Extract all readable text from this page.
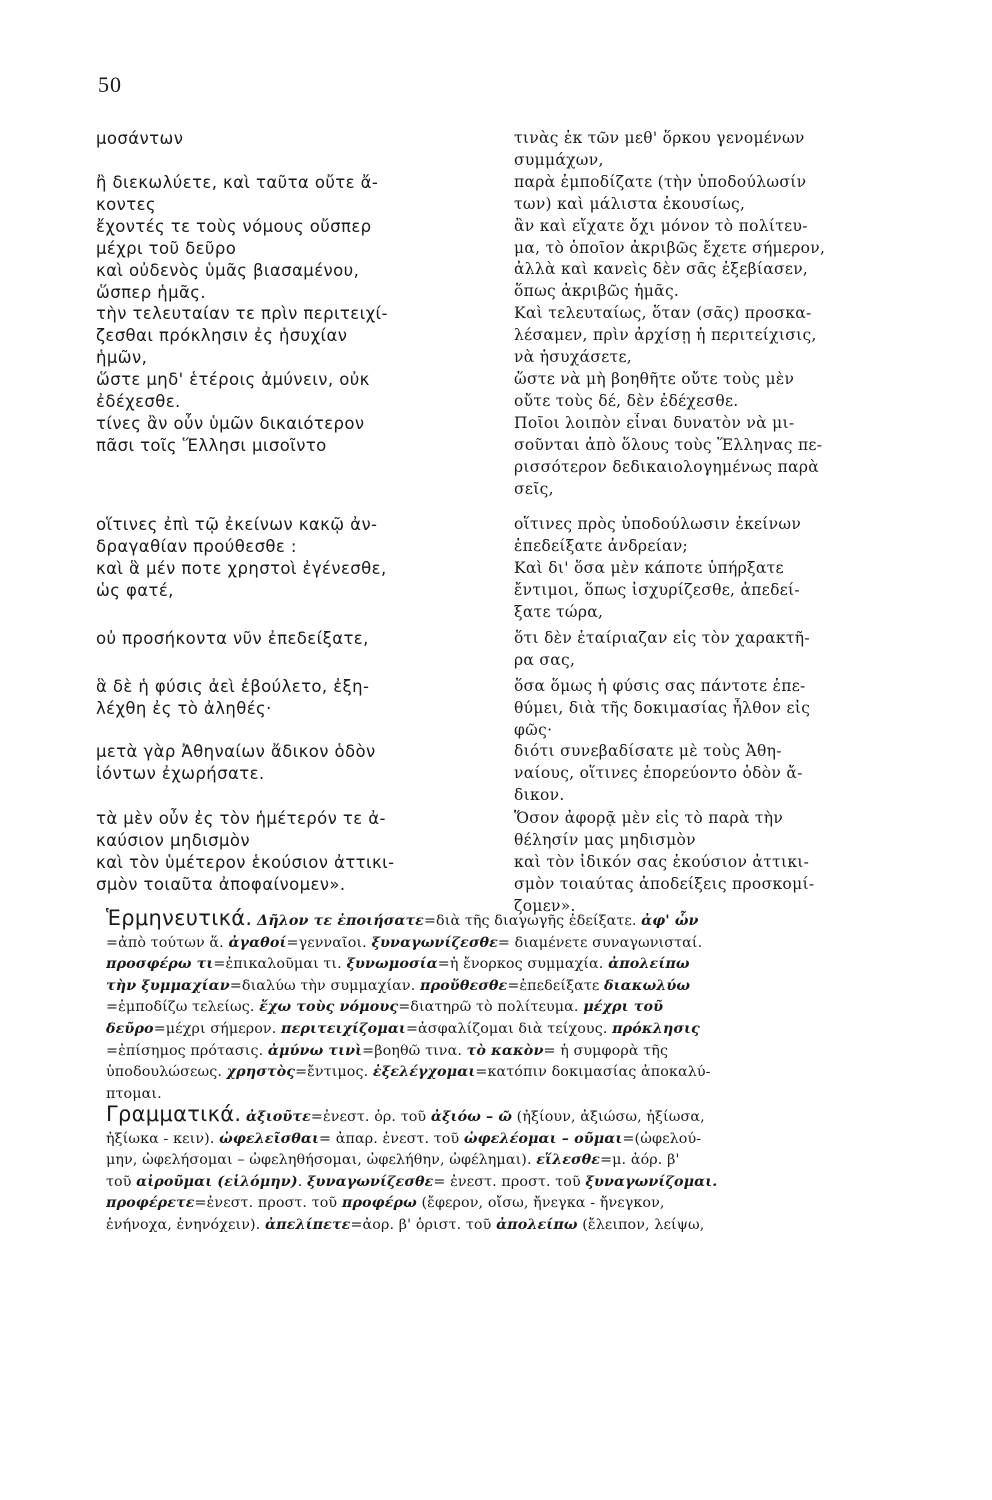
50
μοσάντων
ἢ διεκωλύετε, καὶ ταῦτα οὔτε ἄ-
κοντες
ἔχοντές τε τοὺς νόμους οὔσπερ
μέχρι τοῦ δεῦρο
καὶ οὐδενὸς ὑμᾶς βιασαμένου,
ὥσπερ ἡμᾶς.
τὴν τελευταίαν τε πρὶν περιτειχί-
ζεσθαι πρόκλησιν ἐς ἡσυχίαν
ἡμῶν,
ὥστε μηδ' ἑτέροις ἀμύνειν, οὐκ
ἐδέχεσθε.
τίνες ἂν οὖν ὑμῶν δικαιότερον
πᾶσι τοῖς Ἕλλησι μισοῖντο
οἵτινες ἐπὶ τῷ ἐκείνων κακῷ ἀν-
δραγαθίαν προύθεσθε :
καὶ ἃ μέν ποτε χρηστοὶ ἐγένεσθε,
ὡς φατέ,
οὐ προσήκοντα νῦν ἐπεδείξατε,
ἃ δὲ ἡ φύσις ἀεὶ ἐβούλετο, ἐξη-
λέχθη ἐς τὸ ἀληθές·
μετὰ γὰρ Ἀθηναίων ἄδικον ὁδὸν
ἰόντων ἐχωρήσατε.
τὰ μὲν οὖν ἐς τὸν ἡμέτερόν τε ἀ-
καύσιον μηδισμὸν
καὶ τὸν ὑμέτερον ἑκούσιον ἀττικι-
σμὸν τοιαῦτα ἀποφαίνομεν».
τινὰς ἐκ τῶν μεθ' ὅρκου γενομένων
συμμάχων,
παρὰ ἐμποδίζατε (τὴν ὑποδούλωσίν
των) καὶ μάλιστα ἑκουσίως,
ἂν καὶ εἴχατε ὄχι μόνον τὸ πολίτευ-
μα, τὸ ὁποῖον ἀκριβῶς ἔχετε σήμερον,
ἀλλὰ καὶ κανεὶς δὲν σᾶς ἐξεβίασεν,
ὅπως ἀκριβῶς ἡμᾶς.
Καὶ τελευταίως, ὅταν (σᾶς) προσκα-
λέσαμεν, πρὶν ἀρχίσῃ ἡ περιτείχισις,
νὰ ἡσυχάσετε,
ὥστε νὰ μὴ βοηθῆτε οὔτε τοὺς μὲν
οὔτε τοὺς δέ, δὲν ἐδέχεσθε.
Ποῖοι λοιπὸν εἶναι δυνατὸν νὰ μι-
σοῦνται ἀπὸ ὅλους τοὺς Ἕλληνας πε-
ρισσότερον δεδικαιολογημένως παρὰ
σεῖς,
οἵτινες πρὸς ὑποδούλωσιν ἐκείνων
ἐπεδείξατε ἀνδρείαν;
Καὶ δι' ὅσα μὲν κάποτε ὑπήρξατε
ἔντιμοι, ὅπως ἰσχυρίζεσθε, ἀπεδεί-
ξατε τώρα,
ὅτι δὲν ἐταίριαζαν εἰς τὸν χαρακτῆ-
ρα σας,
ὅσα ὅμως ἡ φύσις σας πάντοτε ἐπε-
θύμει, διὰ τῆς δοκιμασίας ἦλθον εἰς
φῶς·
διότι συνεβαδίσατε μὲ τοὺς Ἀθη-
ναίους, οἵτινες ἐπορεύοντο ὁδὸν ἄ-
δικον.
Ὅσον ἀφορᾷ μὲν εἰς τὸ παρὰ τὴν
θέλησίν μας μηδισμὸν
καὶ τὸν ἰδικόν σας ἑκούσιον ἀττικι-
σμὸν τοιαύτας ἀποδείξεις προσκομί-
ζομεν».
Ἑρμηνευτικά. Δῆλον τε ἐποιήσατε=διὰ τῆς διαγωγῆς ἐδείξατε. ἀφ' ὧν
=ἀπὸ τούτων ἅ. ἀγαθοί=γενναῖοι. ξυναγωνίζεσθε= διαμένετε συναγωνισταί.
προσφέρω τι=ἐπικαλοῦμαι τι. ξυνωμοσία=ἡ ἔνορκος συμμαχία. ἀπολείπω
τὴν ξυμμαχίαν=διαλύω τὴν συμμαχίαν. προὔθεσθε=ἐπεδείξατε διακωλύω
=ἐμποδίζω τελείως. ἔχω τοὺς νόμους=διατηρῶ τὸ πολίτευμα. μέχρι τοῦ
δεῦρο=μέχρι σήμερον. περιτειχίζομαι=ἀσφαλίζομαι διὰ τείχους. πρόκλησις
=ἐπίσημος πρότασις. ἀμύνω τινὶ=βοηθῶ τινα. τὸ κακὸν= ἡ συμφορὰ τῆς
ὑποδουλώσεως. χρηστὸς=ἔντιμος. ἐξελέγχομαι=κατόπιν δοκιμασίας ἀποκαλύ-
πτομαι.
Γραμματικά. ἀξιοῦτε=ἐνεστ. ὁρ. τοῦ ἀξιόω – ῶ (ἠξίουν, ἀξιώσω, ἠξίωσα,
ἠξίωκα - κειν). ὠφελεῖσθαι= ἀπαρ. ἐνεστ. τοῦ ὠφελέομαι – οῦμαι=(ὠφελού-
μην, ὠφελήσομαι – ὠφεληθήσομαι, ὠφελήθην, ὠφέλημαι). εἵλεσθε=μ. ἀόρ. β'
τοῦ αἱροῦμαι (εἱλόμην). ξυναγωνίζεσθε= ἐνεστ. προστ. τοῦ ξυναγωνίζομαι.
προφέρετε=ἐνεστ. προστ. τοῦ προφέρω (ἔφερον, οἴσω, ἤνεγκα - ἤνεγκον,
ἐνήνοχα, ἐνηνόχειν). ἀπελίπετε=ἀορ. β' ὁριστ. τοῦ ἀπολείπω (ἔλειπον, λείψω,
